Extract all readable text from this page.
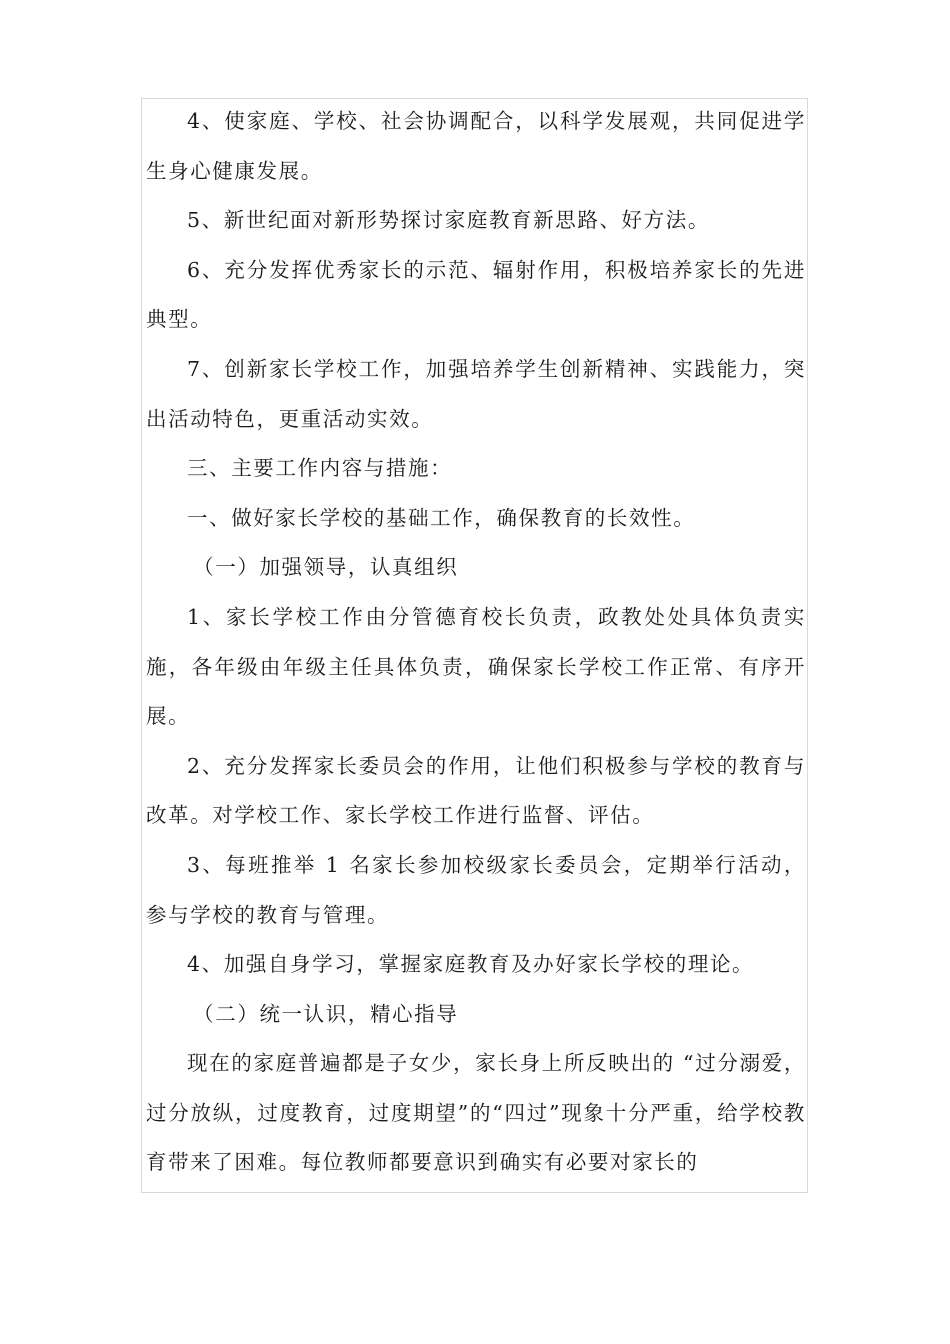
4、使家庭、学校、社会协调配合，以科学发展观，共同促进学生身心健康发展。

5、新世纪面对新形势探讨家庭教育新思路、好方法。

6、充分发挥优秀家长的示范、辐射作用，积极培养家长的先进典型。

7、创新家长学校工作，加强培养学生创新精神、实践能力，突出活动特色，更重活动实效。

三、主要工作内容与措施：

一、做好家长学校的基础工作，确保教育的长效性。

（一）加强领导，认真组织

1、家长学校工作由分管德育校长负责，政教处处具体负责实施，各年级由年级主任具体负责，确保家长学校工作正常、有序开展。

2、充分发挥家长委员会的作用，让他们积极参与学校的教育与改革。对学校工作、家长学校工作进行监督、评估。

3、每班推举 1 名家长参加校级家长委员会，定期举行活动，参与学校的教育与管理。

4、加强自身学习，掌握家庭教育及办好家长学校的理论。

（二）统一认识，精心指导

现在的家庭普遍都是子女少，家长身上所反映出的 “过分溺爱，过分放纵，过度教育，过度期望”的“四过”现象十分严重，给学校教育带来了困难。每位教师都要意识到确实有必要对家长的
